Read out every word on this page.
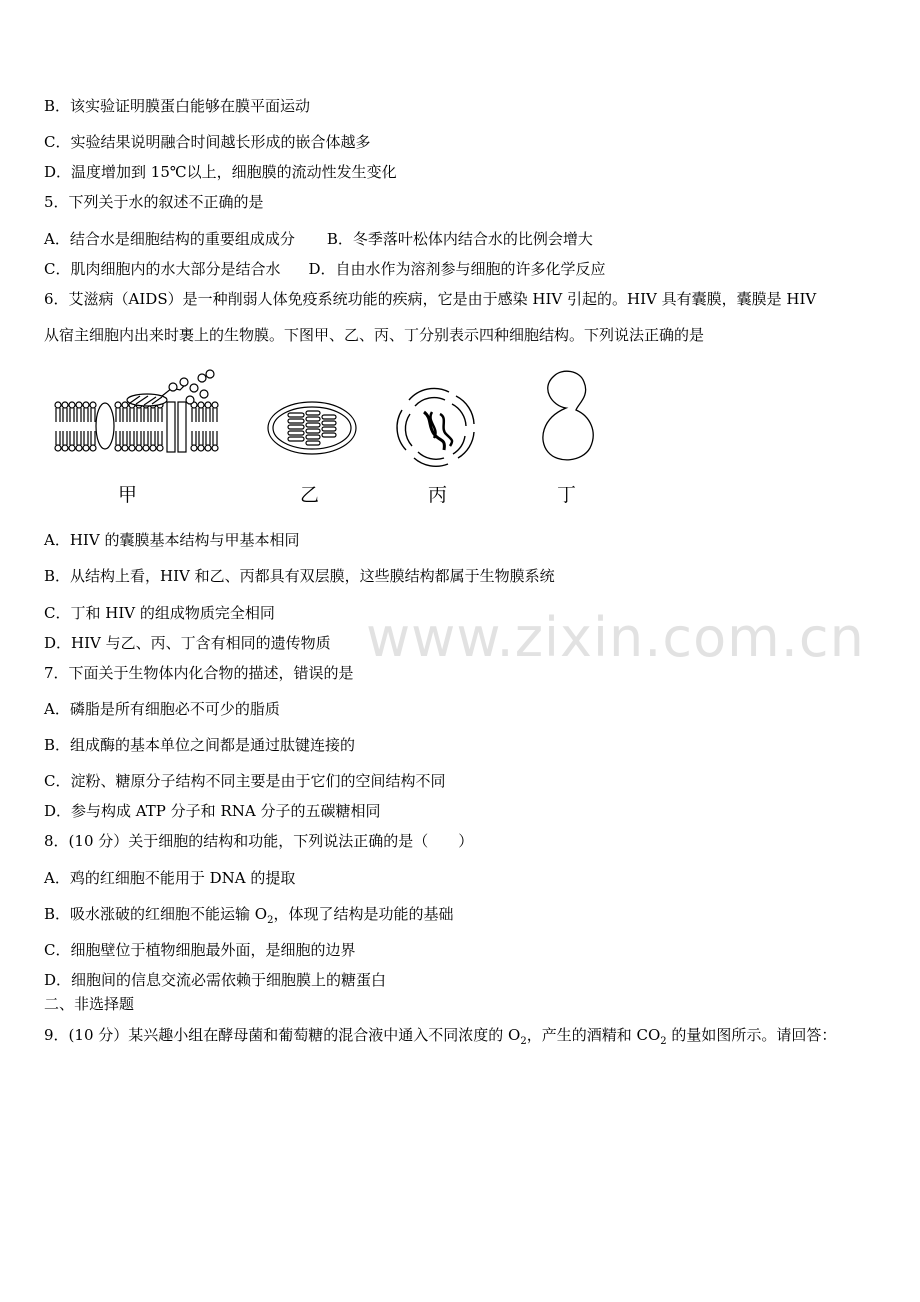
B．该实验证明膜蛋白能够在膜平面运动
C．实验结果说明融合时间越长形成的嵌合体越多
D．温度增加到 15℃以上，细胞膜的流动性发生变化
5．下列关于水的叙述不正确的是
A．结合水是细胞结构的重要组成成分 B．冬季落叶松体内结合水的比例会增大
C．肌肉细胞内的水大部分是结合水 D．自由水作为溶剂参与细胞的许多化学反应
6．艾滋病（AIDS）是一种削弱人体免疫系统功能的疾病，它是由于感染 HIV 引起的。HIV 具有囊膜，囊膜是 HIV
从宿主细胞内出来时裹上的生物膜。下图甲、乙、丙、丁分别表示四种细胞结构。下列说法正确的是
甲	乙	丙	丁
A．HIV 的囊膜基本结构与甲基本相同
B．从结构上看，HIV 和乙、丙都具有双层膜，这些膜结构都属于生物膜系统
C．丁和 HIV 的组成物质完全相同
D．HIV 与乙、丙、丁含有相同的遗传物质
7．下面关于生物体内化合物的描述，错误的是
A．磷脂是所有细胞必不可少的脂质
B．组成酶的基本单位之间都是通过肽键连接的
C．淀粉、糖原分子结构不同主要是由于它们的空间结构不同
D．参与构成 ATP 分子和 RNA 分子的五碳糖相同
8．(10 分）关于细胞的结构和功能，下列说法正确的是（　　）
A．鸡的红细胞不能用于 DNA 的提取
B．吸水涨破的红细胞不能运输 $O_2$，体现了结构是功能的基础
C．细胞壁位于植物细胞最外面，是细胞的边界
D．细胞间的信息交流必需依赖于细胞膜上的糖蛋白
二、非选择题
9．(10 分）某兴趣小组在酵母菌和葡萄糖的混合液中通入不同浓度的 $O_2$，产生的酒精和 $CO_2$ 的量如图所示。请回答：
www.zixin.com.cn
